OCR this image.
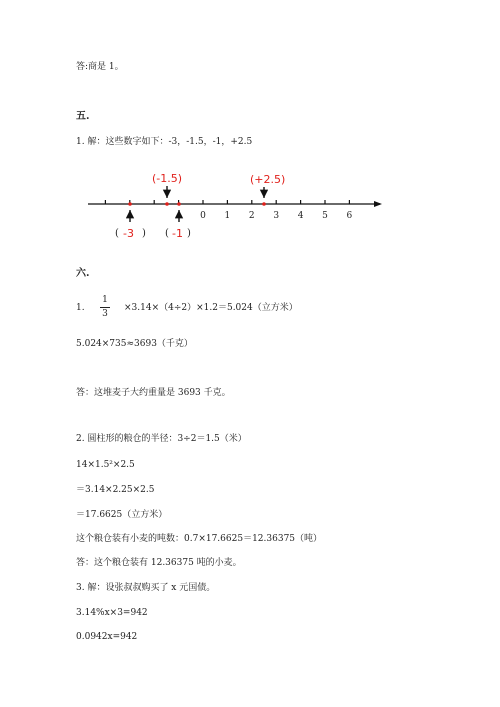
答:商是 1。
五.
1. 解：这些数字如下：-3，-1.5，-1，+2.5
0 1 2 3 4 5 6
(-1.5)	(+2.5)
( -3 ) ( -1 )
六.
1.
1
3
×3.14×（4÷2）×1.2＝5.024（立方米）
5.024×735≈3693（千克）
答：这堆麦子大约重量是 3693 千克。
2. 圆柱形的粮仓的半径：3÷2＝1.5（米）
14×1.5²×2.5
＝3.14×2.25×2.5
＝17.6625（立方米）
这个粮仓装有小麦的吨数：0.7×17.6625＝12.36375（吨）
答：这个粮仓装有 12.36375 吨的小麦。
3. 解：设张叔叔购买了 x 元国债。
3.14%x×3=942
0.0942x=942
